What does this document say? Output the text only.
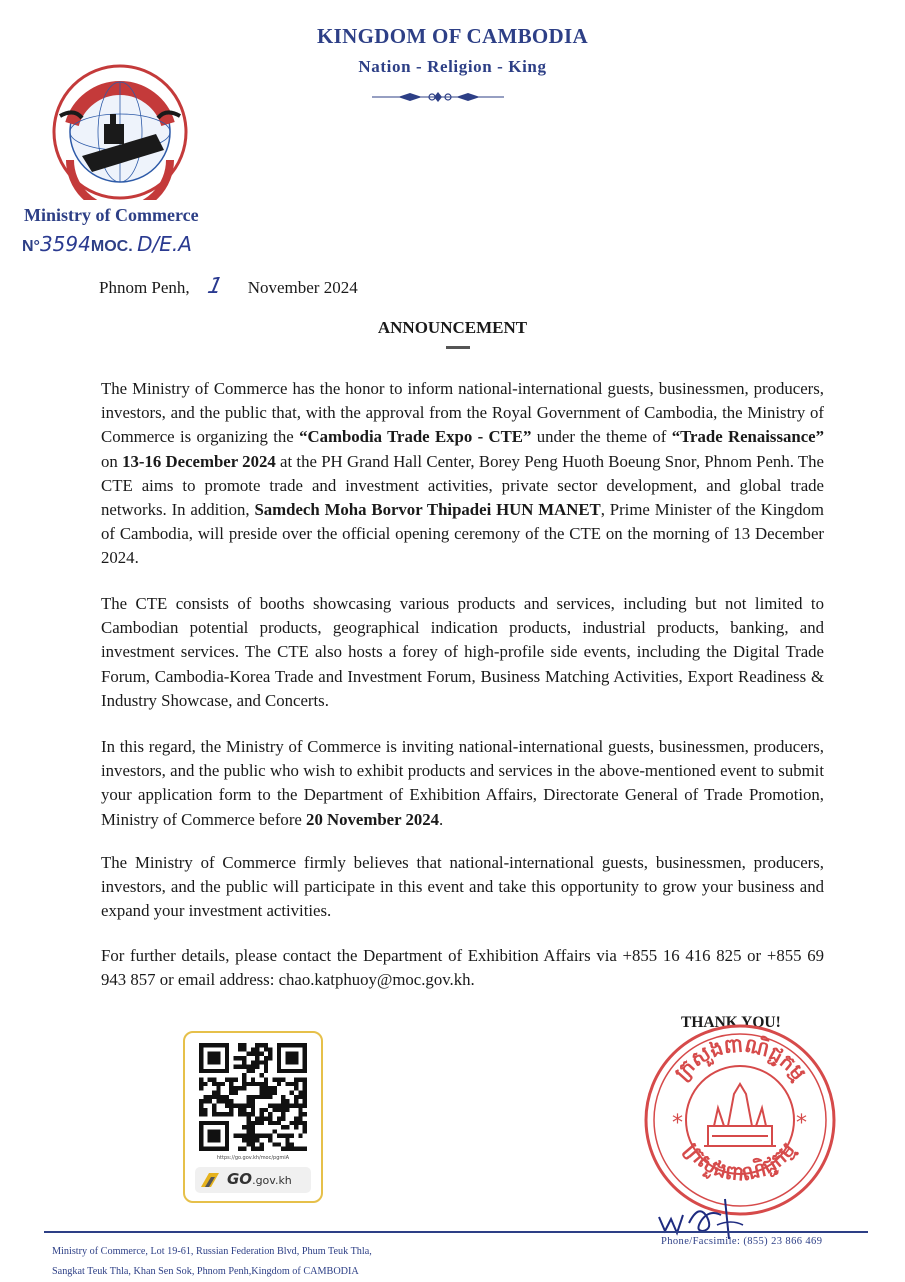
KINGDOM OF CAMBODIA
Nation - Religion - King
Ministry of Commerce
N°3594MOC. D/E.A
Phnom Penh, 1 November 2024
ANNOUNCEMENT
The Ministry of Commerce has the honor to inform national-international guests, businessmen, producers, investors, and the public that, with the approval from the Royal Government of Cambodia, the Ministry of Commerce is organizing the “Cambodia Trade Expo - CTE” under the theme of “Trade Renaissance” on 13-16 December 2024 at the PH Grand Hall Center, Borey Peng Huoth Boeung Snor, Phnom Penh. The CTE aims to promote trade and investment activities, private sector development, and global trade networks. In addition, Samdech Moha Borvor Thipadei HUN MANET, Prime Minister of the Kingdom of Cambodia, will preside over the official opening ceremony of the CTE on the morning of 13 December 2024.
The CTE consists of booths showcasing various products and services, including but not limited to Cambodian potential products, geographical indication products, industrial products, banking, and investment services. The CTE also hosts a forey of high-profile side events, including the Digital Trade Forum, Cambodia-Korea Trade and Investment Forum, Business Matching Activities, Export Readiness & Industry Showcase, and Concerts.
In this regard, the Ministry of Commerce is inviting national-international guests, businessmen, producers, investors, and the public who wish to exhibit products and services in the above-mentioned event to submit your application form to the Department of Exhibition Affairs, Directorate General of Trade Promotion, Ministry of Commerce before 20 November 2024.
The Ministry of Commerce firmly believes that national-international guests, businessmen, producers, investors, and the public will participate in this event and take this opportunity to grow your business and expand your investment activities.
For further details, please contact the Department of Exhibition Affairs via +855 16 416 825 or +855 69 943 857 or email address: chao.katphuoy@moc.gov.kh.
https://go.gov.kh/moc/pgmiA
GO.gov.kh
THANK YOU!
ក្រសួងពាណិជ្ជកម្ម
ក្រសួងពាណិជ្ជកម្ម
*	*
Ministry of Commerce, Lot 19-61, Russian Federation Blvd, Phum Teuk Thla,
Sangkat Teuk Thla, Khan Sen Sok, Phnom Penh,Kingdom of CAMBODIA
Phone/Facsimile: (855) 23 866 469
